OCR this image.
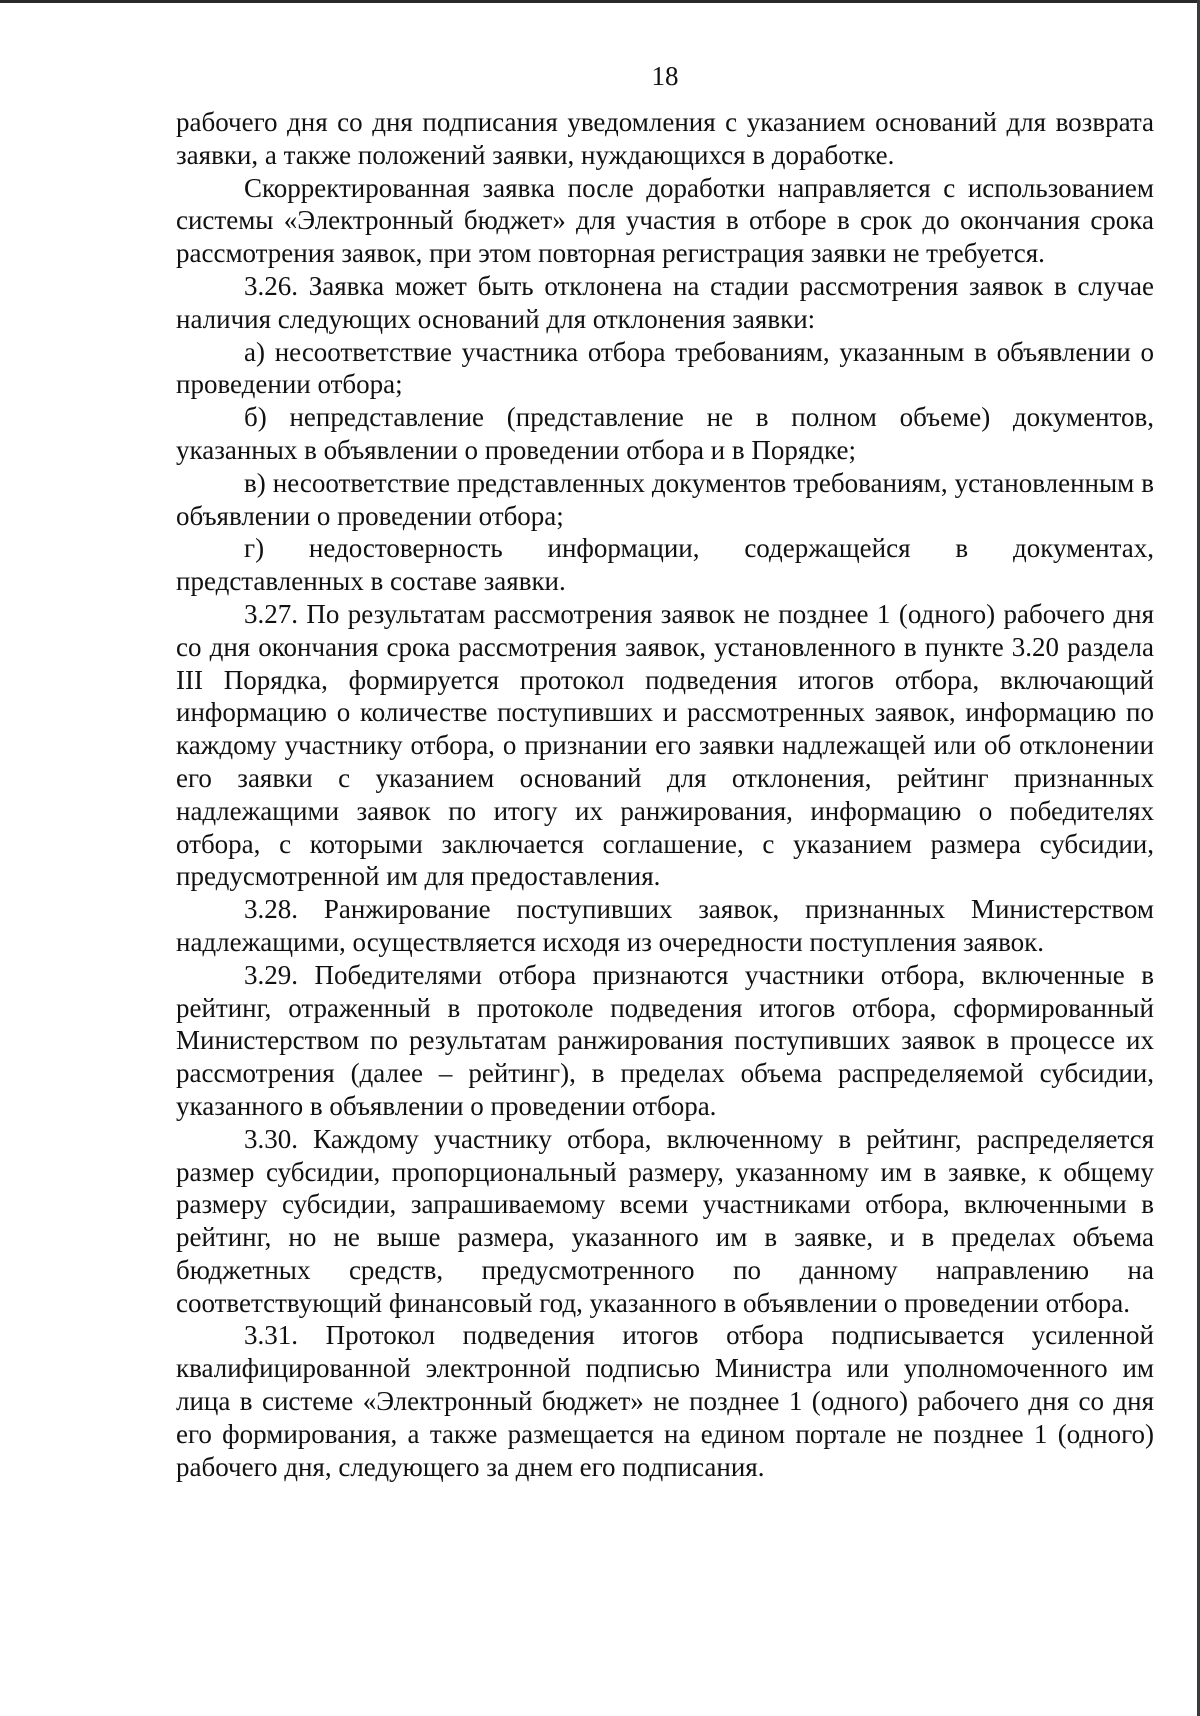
18

рабочего дня со дня подписания уведомления с указанием оснований для возврата заявки, а также положений заявки, нуждающихся в доработке.

Скорректированная заявка после доработки направляется с использованием системы «Электронный бюджет» для участия в отборе в срок до окончания срока рассмотрения заявок, при этом повторная регистрация заявки не требуется.

3.26. Заявка может быть отклонена на стадии рассмотрения заявок в случае наличия следующих оснований для отклонения заявки:

а) несоответствие участника отбора требованиям, указанным в объявлении о проведении отбора;

б) непредставление (представление не в полном объеме) документов, указанных в объявлении о проведении отбора и в Порядке;

в) несоответствие представленных документов требованиям, установленным в объявлении о проведении отбора;

г) недостоверность информации, содержащейся в документах, представленных в составе заявки.

3.27. По результатам рассмотрения заявок не позднее 1 (одного) рабочего дня со дня окончания срока рассмотрения заявок, установленного в пункте 3.20 раздела III Порядка, формируется протокол подведения итогов отбора, включающий информацию о количестве поступивших и рассмотренных заявок, информацию по каждому участнику отбора, о признании его заявки надлежащей или об отклонении его заявки с указанием оснований для отклонения, рейтинг признанных надлежащими заявок по итогу их ранжирования, информацию о победителях отбора, с которыми заключается соглашение, с указанием размера субсидии, предусмотренной им для предоставления.

3.28. Ранжирование поступивших заявок, признанных Министерством надлежащими, осуществляется исходя из очередности поступления заявок.

3.29. Победителями отбора признаются участники отбора, включенные в рейтинг, отраженный в протоколе подведения итогов отбора, сформированный Министерством по результатам ранжирования поступивших заявок в процессе их рассмотрения (далее – рейтинг), в пределах объема распределяемой субсидии, указанного в объявлении о проведении отбора.

3.30. Каждому участнику отбора, включенному в рейтинг, распределяется размер субсидии, пропорциональный размеру, указанному им в заявке, к общему размеру субсидии, запрашиваемому всеми участниками отбора, включенными в рейтинг, но не выше размера, указанного им в заявке, и в пределах объема бюджетных средств, предусмотренного по данному направлению на соответствующий финансовый год, указанного в объявлении о проведении отбора.

3.31. Протокол подведения итогов отбора подписывается усиленной квалифицированной электронной подписью Министра или уполномоченного им лица в системе «Электронный бюджет» не позднее 1 (одного) рабочего дня со дня его формирования, а также размещается на едином портале не позднее 1 (одного) рабочего дня, следующего за днем его подписания.
